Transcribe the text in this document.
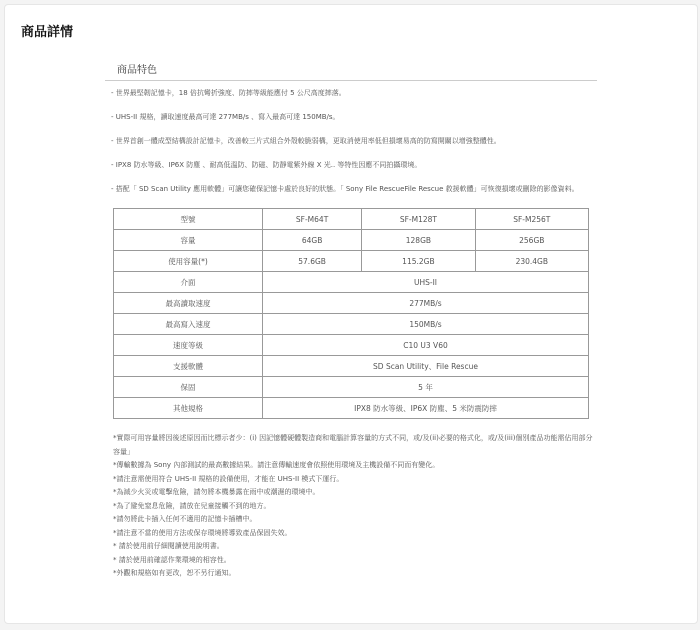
商品詳情
商品特色
- 世界最堅韌記憶卡，18 倍抗彎折強度、防摔等級能應付 5 公尺高度摔落。
- UHS-II 規格，讀取速度最高可達 277MB/s 、寫入最高可達 150MB/s。
- 世界首創一體成型結構設計記憶卡，改善較三片式組合外殼較脆弱構，更取消使用率低但損壞易高的防寫開關以增強整體性。
- IPX8 防水等級、IP6X 防塵 、耐高低溫防、防磁、防靜電紫外線 X 光.. 等特性因應不同拍攝環境。
- 搭配「 SD Scan Utility 應用軟體」可讓您確保記憶卡處於良好的狀態。「 Sony File RescueFile Rescue 救援軟體」可恢復損壞或刪除的影像資料。
型號	SF-M64T	SF-M128T	SF-M256T
容量	64GB	128GB	256GB
使用容量(*)	57.6GB	115.2GB	230.4GB
介面	UHS-II		
最高讀取速度	277MB/s		
最高寫入速度	150MB/s		
速度等級	C10 U3 V60		
支援軟體	SD Scan Utility、File Rescue		
保固	5 年		
其他規格	IPX8 防水等級、IP6X 防塵、5 米防震防摔		
*實際可用容量將因後述原因而比標示者少：(i) 因記憶體硬體製造商和電腦計算容量的方式不同，或/及(ii)必要的格式化，或/及(iii)個別產品功能需佔用部分容量」
*傳輸數據為 Sony 內部測試的最高數據結果。請注意傳輸速度會依照使用環境及主機設備不同而有變化。
*請注意需使用符合 UHS-II 規格的設備使用，才能在 UHS-II 模式下運行。
*為減少火災或電擊危險，請勿將本機暴露在雨中或潮濕的環境中。
*為了避免窒息危險，請放在兒童接觸不到的地方。
*請勿將此卡插入任何不適用的記憶卡插槽中。
*請注意不當的使用方法或保存環境將導致產品保固失效。
* 請於使用前仔細閱讀使用說明書。
* 請於使用前確認作業環境的相容性。
*外觀和規格如有更改，恕不另行通知。
